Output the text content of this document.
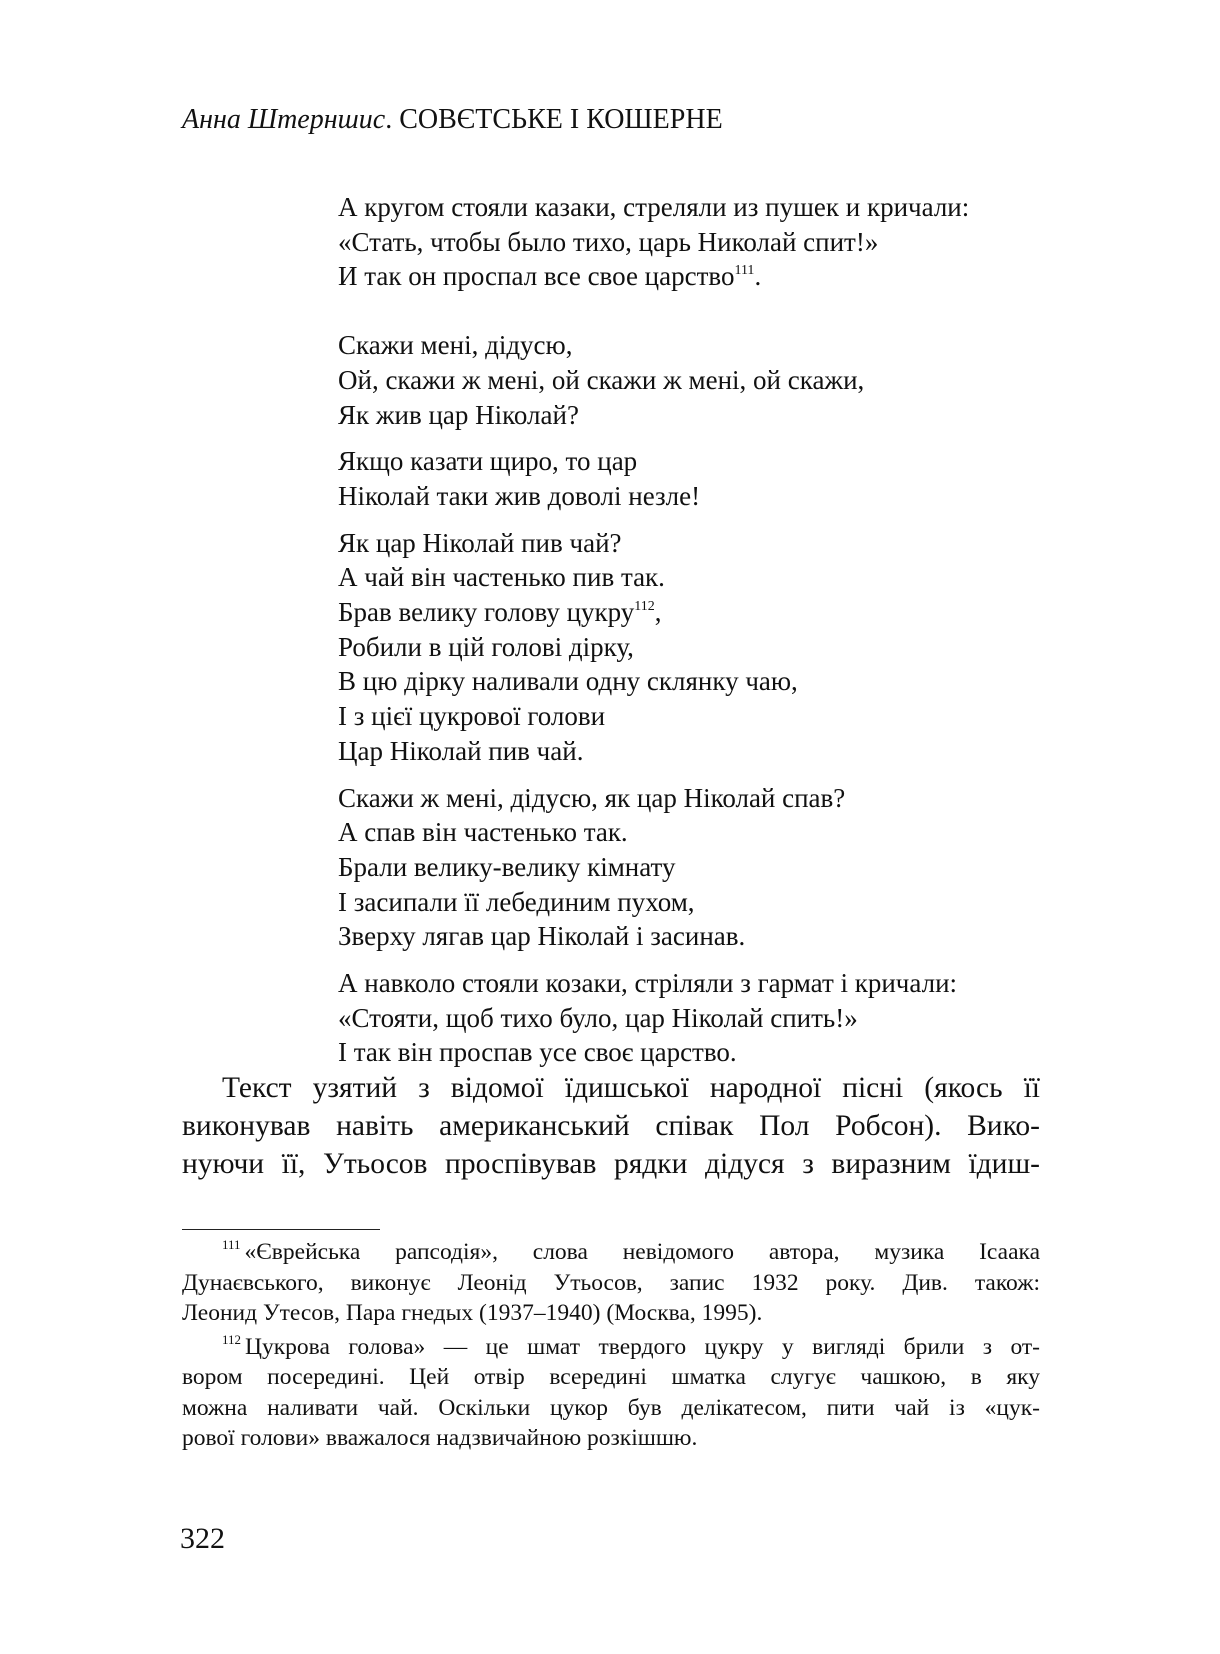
Анна Штерншис. СОВЄТСЬКЕ І КОШЕРНЕ
А кругом стояли казаки, стреляли из пушек и кричали:
«Стать, чтобы было тихо, царь Николай спит!»
И так он проспал все свое царство$^{111}$.
Скажи мені, дідусю,
Ой, скажи ж мені, ой скажи ж мені, ой скажи,
Як жив цар Ніколай?
Якщо казати щиро, то цар
Ніколай таки жив доволі незле!
Як цар Ніколай пив чай?
А чай він частенько пив так.
Брав велику голову цукру$^{112}$,
Робили в цій голові дірку,
В цю дірку наливали одну склянку чаю,
І з цієї цукрової голови
Цар Ніколай пив чай.
Скажи ж мені, дідусю, як цар Ніколай спав?
А спав він частенько так.
Брали велику-велику кімнату
І засипали її лебединим пухом,
Зверху лягав цар Ніколай і засинав.
А навколо стояли козаки, стріляли з гармат і кричали:
«Стояти, щоб тихо було, цар Ніколай спить!»
І так він проспав усе своє царство.
Текст узятий з відомої їдишської народної пісні (якось її
виконував навіть американський співак Пол Робсон). Вико-
нуючи її, Утьосов проспівував рядки дідуся з виразним їдиш-
$^{111}$ «Єврейська рапсодія», слова невідомого автора, музика Ісаака
Дунаєвського, виконує Леонід Утьосов, запис 1932 року. Див. також:
Леонид Утесов, Пара гнедых (1937–1940) (Москва, 1995).
$^{112}$ Цукрова голова» — це шмат твердого цукру у вигляді брили з от-
вором посередині. Цей отвір всередині шматка слугує чашкою, в яку
можна наливати чай. Оскільки цукор був делікатесом, пити чай із «цук-
рової голови» вважалося надзвичайною розкішшю.
322
